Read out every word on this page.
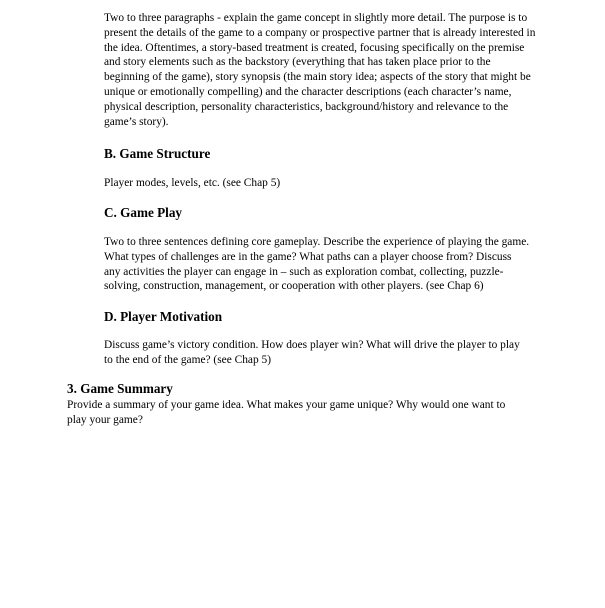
Two to three paragraphs - explain the game concept in slightly more detail. The purpose is to
present the details of the game to a company or prospective partner that is already interested in
the idea. Oftentimes, a story-based treatment is created, focusing specifically on the premise
and story elements such as the backstory (everything that has taken place prior to the
beginning of the game), story synopsis (the main story idea; aspects of the story that might be
unique or emotionally compelling) and the character descriptions (each character’s name,
physical description, personality characteristics, background/history and relevance to the
game’s story).
B. Game Structure
Player modes, levels, etc. (see Chap 5)
C. Game Play
Two to three sentences defining core gameplay. Describe the experience of playing the game.
What types of challenges are in the game? What paths can a player choose from? Discuss
any activities the player can engage in – such as exploration combat, collecting, puzzle-
solving, construction, management, or cooperation with other players. (see Chap 6)
D. Player Motivation
Discuss game’s victory condition. How does player win? What will drive the player to play
to the end of the game? (see Chap 5)
3. Game Summary
Provide a summary of your game idea. What makes your game unique? Why would one want to
play your game?
